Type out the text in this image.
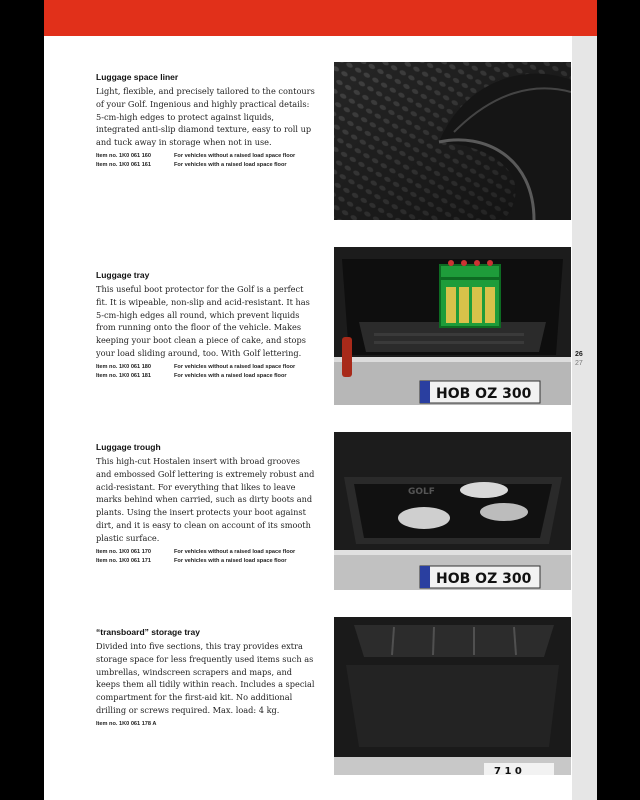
26
27
Luggage space liner

Light, flexible, and precisely tailored to the contours of your Golf. Ingenious and highly practical details: 5-cm-high edges to protect against liquids, integrated anti-slip diamond texture, easy to roll up and tuck away in storage when not in use.

Item no. 1K0 061 160	For vehicles without a raised load space floor
Item no. 1K0 061 161	For vehicles with a raised load space floor
Luggage tray

This useful boot protector for the Golf is a perfect fit. It is wipeable, non-slip and acid-resistant. It has 5-cm-high edges all round, which prevent liquids from running onto the floor of the vehicle. Makes keeping your boot clean a piece of cake, and stops your load sliding around, too. With Golf lettering.

Item no. 1K0 061 180	For vehicles without a raised load space floor
Item no. 1K0 061 181	For vehicles with a raised load space floor
Luggage trough

This high-cut Hostalen insert with broad grooves and embossed Golf lettering is extremely robust and acid-resistant. For everything that likes to leave marks behind when carried, such as dirty boots and plants. Using the insert protects your boot against dirt, and it is easy to clean on account of its smooth plastic surface.

Item no. 1K0 061 170	For vehicles without a raised load space floor
Item no. 1K0 061 171	For vehicles with a raised load space floor
“transboard” storage tray

Divided into five sections, this tray provides extra storage space for less frequently used items such as umbrellas, windscreen scrapers and maps, and keeps them all tidily within reach. Includes a special compartment for the first-aid kit. No additional drilling or screws required. Max. load: 4 kg.

Item no. 1K0 061 178 A
HOB OZ 300
GOLF
HOB OZ 300
7 1 0
